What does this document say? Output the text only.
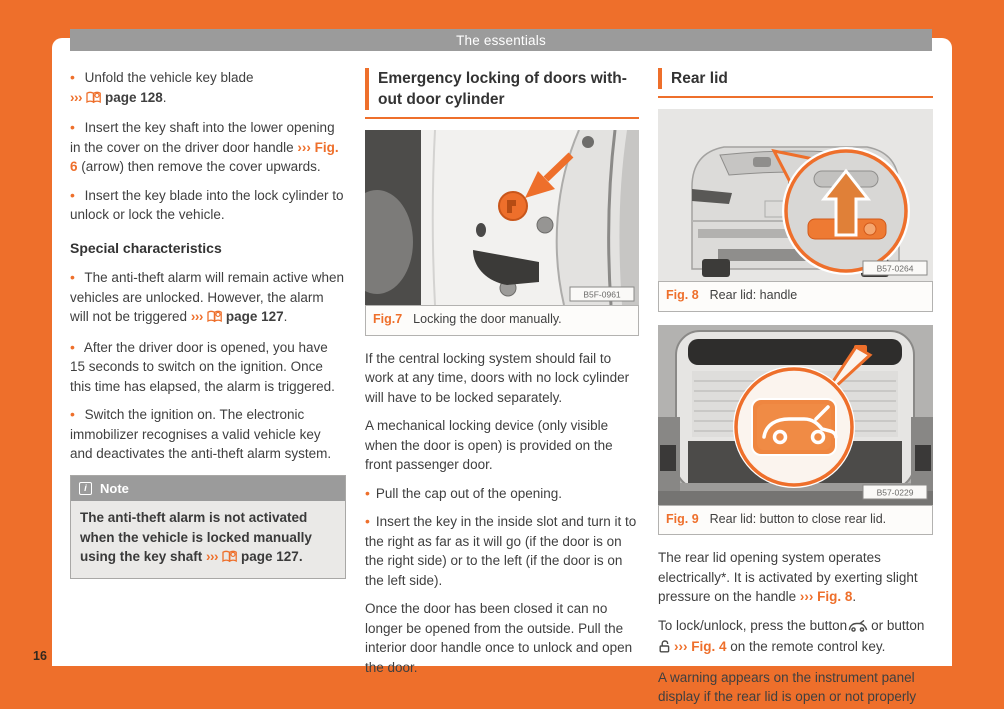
The essentials
16

• Unfold the vehicle key blade
››› page 128.

• Insert the key shaft into the lower opening in the cover on the driver door handle ››› Fig. 6 (arrow) then remove the cover upwards.

• Insert the key blade into the lock cylinder to unlock or lock the vehicle.

Special characteristics

• The anti-theft alarm will remain active when vehicles are unlocked. However, the alarm will not be triggered ››› page 127.

• After the driver door is opened, you have 15 seconds to switch on the ignition. Once this time has elapsed, the alarm is triggered.

• Switch the ignition on. The electronic immobilizer recognises a valid vehicle key and deactivates the anti-theft alarm system.

i	Note
The anti-theft alarm is not activated when the vehicle is locked manually using the key shaft ››› page 127.
Emergency locking of doors with-
out door cylinder
B5F-0961
Fig.7 Locking the door manually.

If the central locking system should fail to work at any time, doors with no lock cylinder will have to be locked separately.

A mechanical locking device (only visible when the door is open) is provided on the front passenger door.

• Pull the cap out of the opening.

• Insert the key in the inside slot and turn it to the right as far as it will go (if the door is on the right side) or to the left (if the door is on the left side).

Once the door has been closed it can no longer be opened from the outside. Pull the interior door handle once to unlock and open the door.

Rear lid
B57-0264
Fig. 8 Rear lid: handle
B57-0229
Fig. 9 Rear lid: button to close rear lid.

The rear lid opening system operates electrically*. It is activated by exerting slight pressure on the handle ››› Fig. 8.

To lock/unlock, press the button or button››› Fig. 4 on the remote control key.

A warning appears on the instrument panel display if the rear lid is open or not properly
